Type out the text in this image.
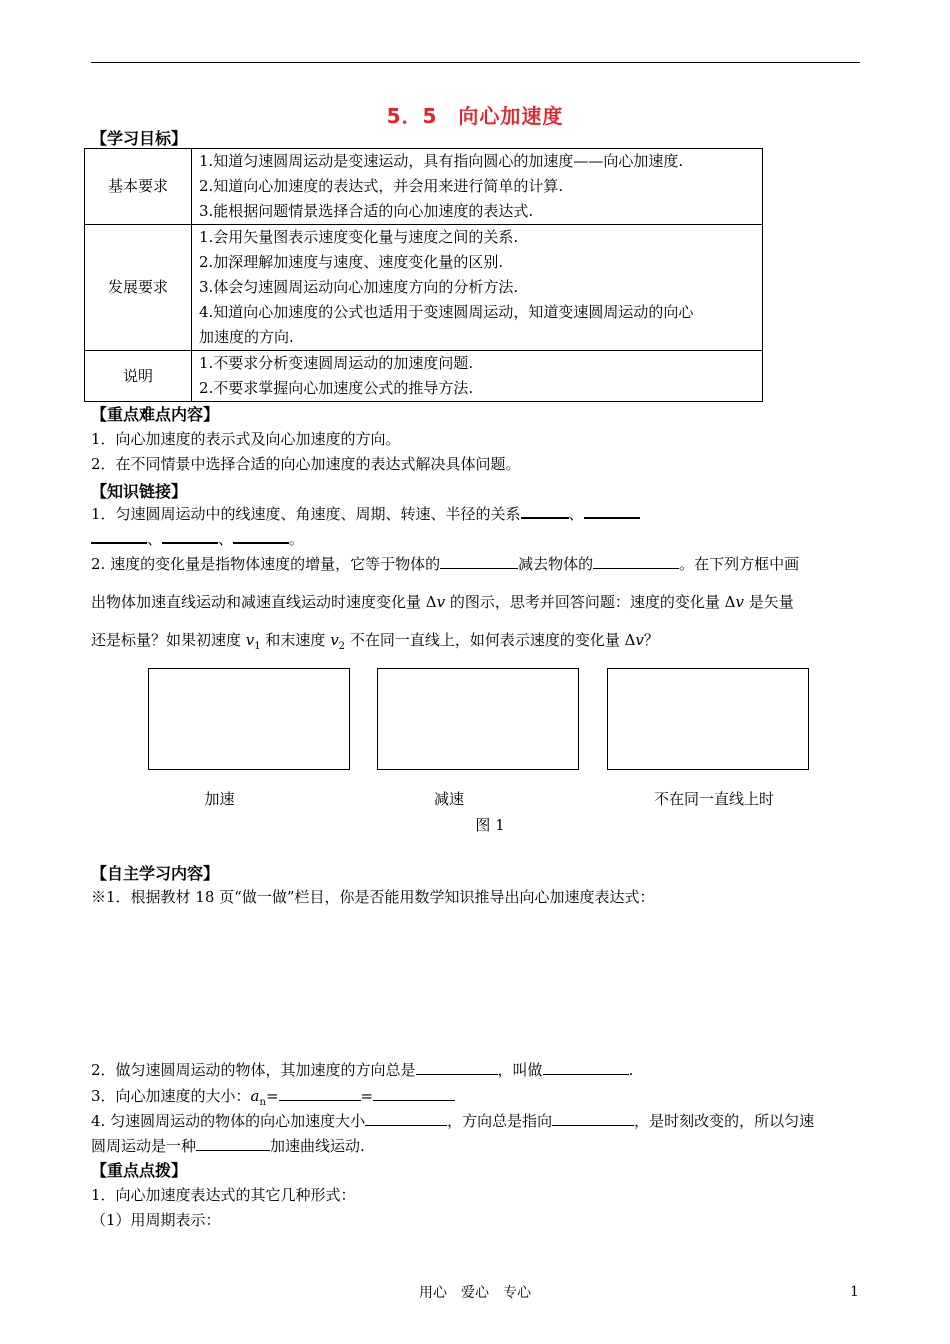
5．5　向心加速度
【学习目标】
基本要求	1.知道匀速圆周运动是变速运动，具有指向圆心的加速度——向心加速度.
2.知道向心加速度的表达式，并会用来进行简单的计算.
3.能根据问题情景选择合适的向心加速度的表达式.

发展要求	1.会用矢量图表示速度变化量与速度之间的关系.
2.加深理解加速度与速度、速度变化量的区别.
3.体会匀速圆周运动向心加速度方向的分析方法.
4.知道向心加速度的公式也适用于变速圆周运动，知道变速圆周运动的向心
加速度的方向.

说明	1.不要求分析变速圆周运动的加速度问题.
2.不要求掌握向心加速度公式的推导方法.
【重点难点内容】
1．向心加速度的表示式及向心加速度的方向。
2．在不同情景中选择合适的向心加速度的表达式解决具体问题。
【知识链接】
1．匀速圆周运动中的线速度、角速度、周期、转速、半径的关系	、
、	、	。
2. 速度的变化量是指物体速度的增量，它等于物体的	减去物体的	。在下列方框中画
出物体加速直线运动和减速直线运动时速度变化量 Δv 的图示，思考并回答问题：速度的变化量 Δv 是矢量
还是标量？如果初速度 $v_1$ 和末速度 $v_2$ 不在同一直线上，如何表示速度的变化量 Δv？
加速	减速	不在同一直线上时
图 1
【自主学习内容】
※1．根据教材 18 页“做一做”栏目，你是否能用数学知识推导出向心加速度表达式：
2．做匀速圆周运动的物体，其加速度的方向总是	，叫做	.
3．向心加速度的大小：$a_n=$	=
4. 匀速圆周运动的物体的向心加速度大小	，方向总是指向	，是时刻改变的，所以匀速
圆周运动是一种	加速曲线运动.
【重点点拨】
1．向心加速度表达式的其它几种形式：
（1）用周期表示：
用心　爱心　专心	1
